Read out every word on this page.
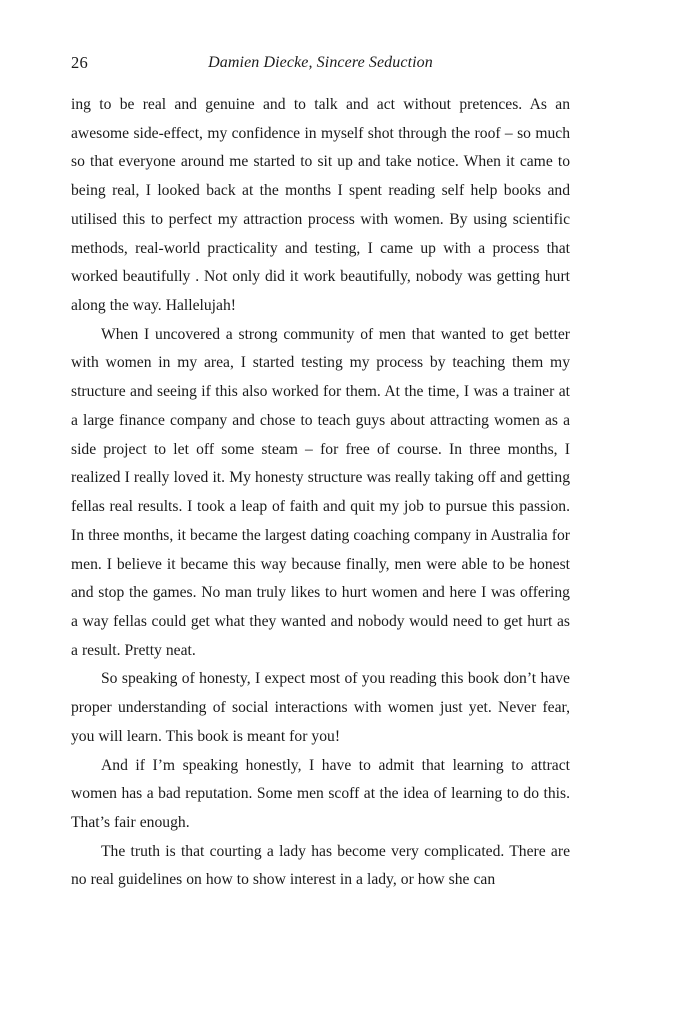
26	Damien Diecke, Sincere Seduction

ing to be real and genuine and to talk and act without pretences. As an awesome side-effect, my confidence in myself shot through the roof – so much so that everyone around me started to sit up and take notice. When it came to being real, I looked back at the months I spent reading self help books and utilised this to perfect my attraction process with women. By using scientific methods, real-world practicality and testing, I came up with a process that worked beautifully . Not only did it work beautifully, nobody was getting hurt along the way. Hallelujah!

When I uncovered a strong community of men that wanted to get better with women in my area, I started testing my process by teaching them my structure and seeing if this also worked for them. At the time, I was a trainer at a large finance company and chose to teach guys about attracting women as a side project to let off some steam – for free of course. In three months, I realized I really loved it. My honesty structure was really taking off and getting fellas real results. I took a leap of faith and quit my job to pursue this passion. In three months, it became the largest dating coaching company in Australia for men. I believe it became this way because finally, men were able to be honest and stop the games. No man truly likes to hurt women and here I was offering a way fellas could get what they wanted and nobody would need to get hurt as a result. Pretty neat.

So speaking of honesty, I expect most of you reading this book don’t have proper understanding of social interactions with women just yet. Never fear, you will learn. This book is meant for you!

And if I’m speaking honestly, I have to admit that learning to attract women has a bad reputation. Some men scoff at the idea of learning to do this. That’s fair enough.

The truth is that courting a lady has become very complicated. There are no real guidelines on how to show interest in a lady, or how she can
